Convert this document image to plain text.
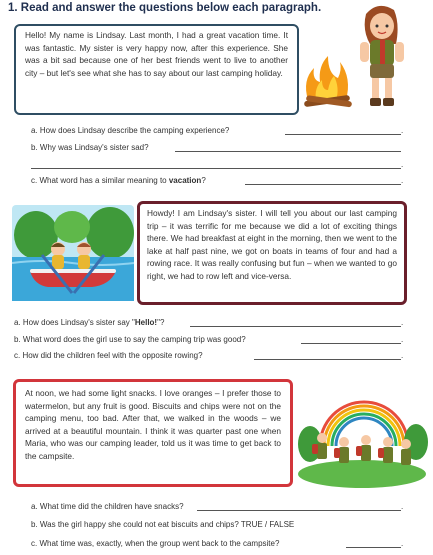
1. Read and answer the questions below each paragraph.

Hello! My name is Lindsay. Last month, I had a great vacation time. It was fantastic. My sister is very happy now, after this experience. She was a bit sad because one of her best friends went to live to another city – but let's see what she has to say about our last camping holiday.

a. How does Lindsay describe the camping experience?	.
b. Why was Lindsay's sister sad?
.
c. What word has a similar meaning to vacation?	.

Howdy! I am Lindsay's sister. I will tell you about our last camping trip – it was terrific for me because we did a lot of exciting things there. We had breakfast at eight in the morning, then we went to the lake at half past nine, we got on boats in teams of four and had a rowing race. It was really confusing but fun – when we wanted to go right, we had to row left and vice-versa.

a. How does Lindsay's sister say "Hello!"?	.
b. What word does the girl use to say the camping trip was good?	.
c. How did the children feel with the opposite rowing?	.

At noon, we had some light snacks. I love oranges – I prefer those to watermelon, but any fruit is good. Biscuits and chips were not on the camping menu, too bad. After that, we walked in the woods – we arrived at a beautiful mountain. I think it was quarter past one when Maria, who was our camping leader, told us it was time to get back to the campsite.

a. What time did the children have snacks?	.
b. Was the girl happy she could not eat biscuits and chips? TRUE / FALSE
c. What time was, exactly, when the group went back to the campsite?	.
